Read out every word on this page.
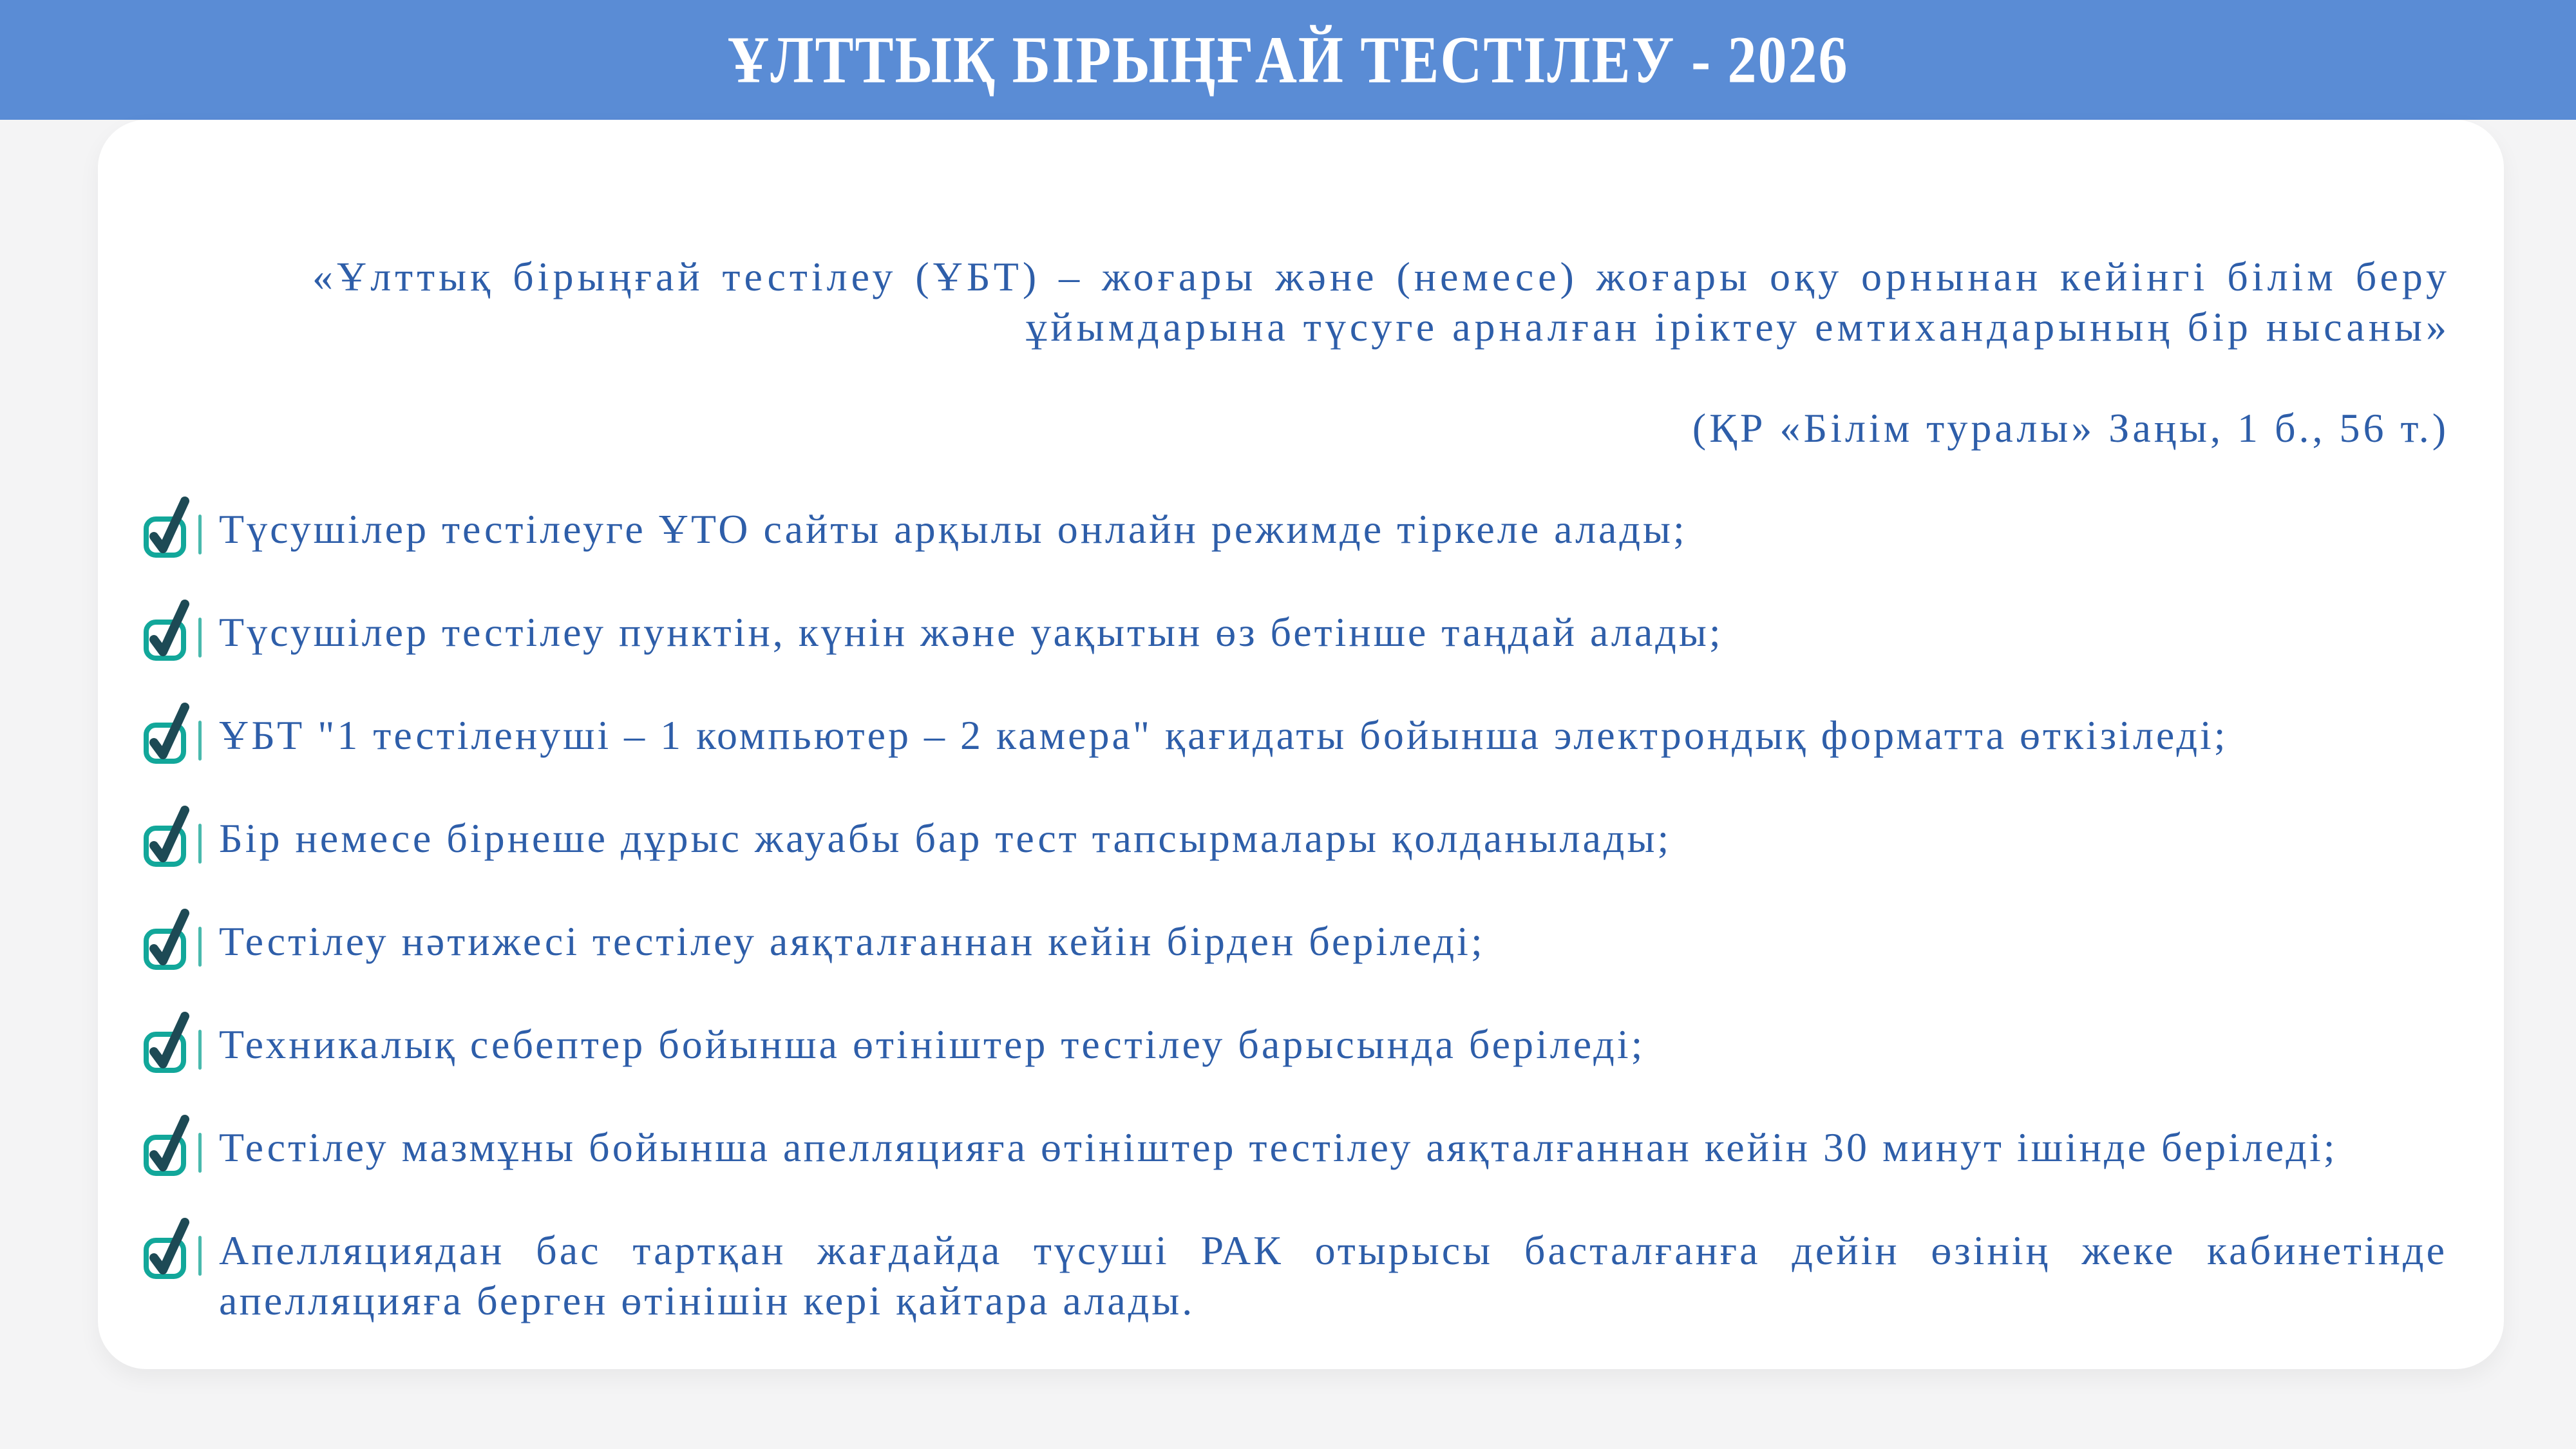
ҰЛТТЫҚ БІРЫҢҒАЙ ТЕСТІЛЕУ - 2026

«Ұлттық бірыңғай тестілеу (ҰБТ) – жоғары және (немесе) жоғары оқу орнынан кейінгі білім беру ұйымдарына түсуге арналған іріктеу емтихандарының бір нысаны»

(ҚР «Білім туралы» Заңы, 1 б., 56 т.)

Түсушілер тестілеуге ҰТО сайты арқылы онлайн режимде тіркеле алады;
Түсушілер тестілеу пунктін, күнін және уақытын өз бетінше таңдай алады;
ҰБТ "1 тестіленуші – 1 компьютер – 2 камера" қағидаты бойынша электрондық форматта өткізіледі;
Бір немесе бірнеше дұрыс жауабы бар тест тапсырмалары қолданылады;
Тестілеу нәтижесі тестілеу аяқталғаннан кейін бірден беріледі;
Техникалық себептер бойынша өтініштер тестілеу барысында беріледі;
Тестілеу мазмұны бойынша апелляцияға өтініштер тестілеу аяқталғаннан кейін 30 минут ішінде беріледі;
Апелляциядан бас тартқан жағдайда түсуші РАК отырысы басталғанға дейін өзінің жеке кабинетінде апелляцияға берген өтінішін кері қайтара алады.
